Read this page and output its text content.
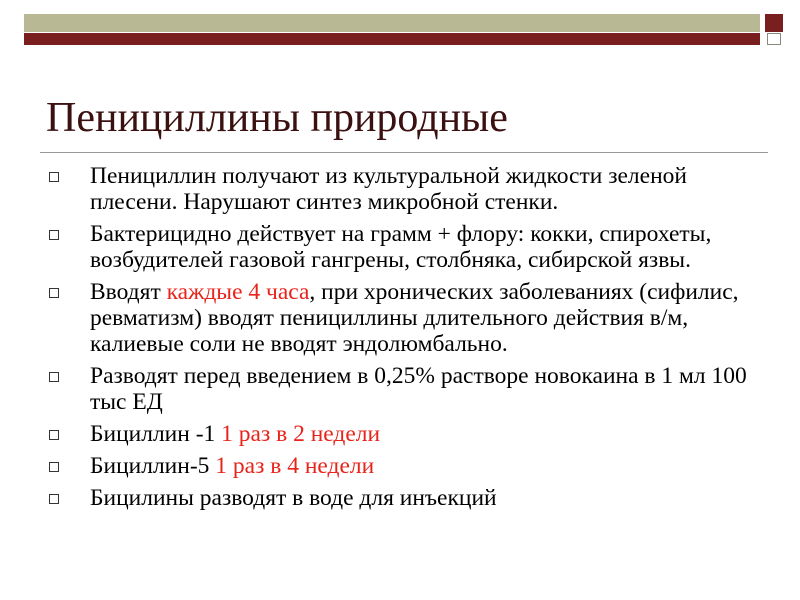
Пенициллины природные
Пенициллин получают из культуральной жидкости зеленой плесени. Нарушают синтез микробной стенки.
Бактерицидно действует на грамм + флору: кокки, спирохеты, возбудителей газовой гангрены, столбняка, сибирской язвы.
Вводят каждые 4 часа, при хронических заболеваниях (сифилис, ревматизм) вводят пенициллины длительного действия в/м, калиевые соли не вводят эндолюмбально.
Разводят перед введением в 0,25% растворе новокаина в 1 мл 100 тыс ЕД
Бициллин -1 1 раз в 2 недели
Бициллин-5 1 раз в 4 недели
Бицилины разводят в воде для инъекций
